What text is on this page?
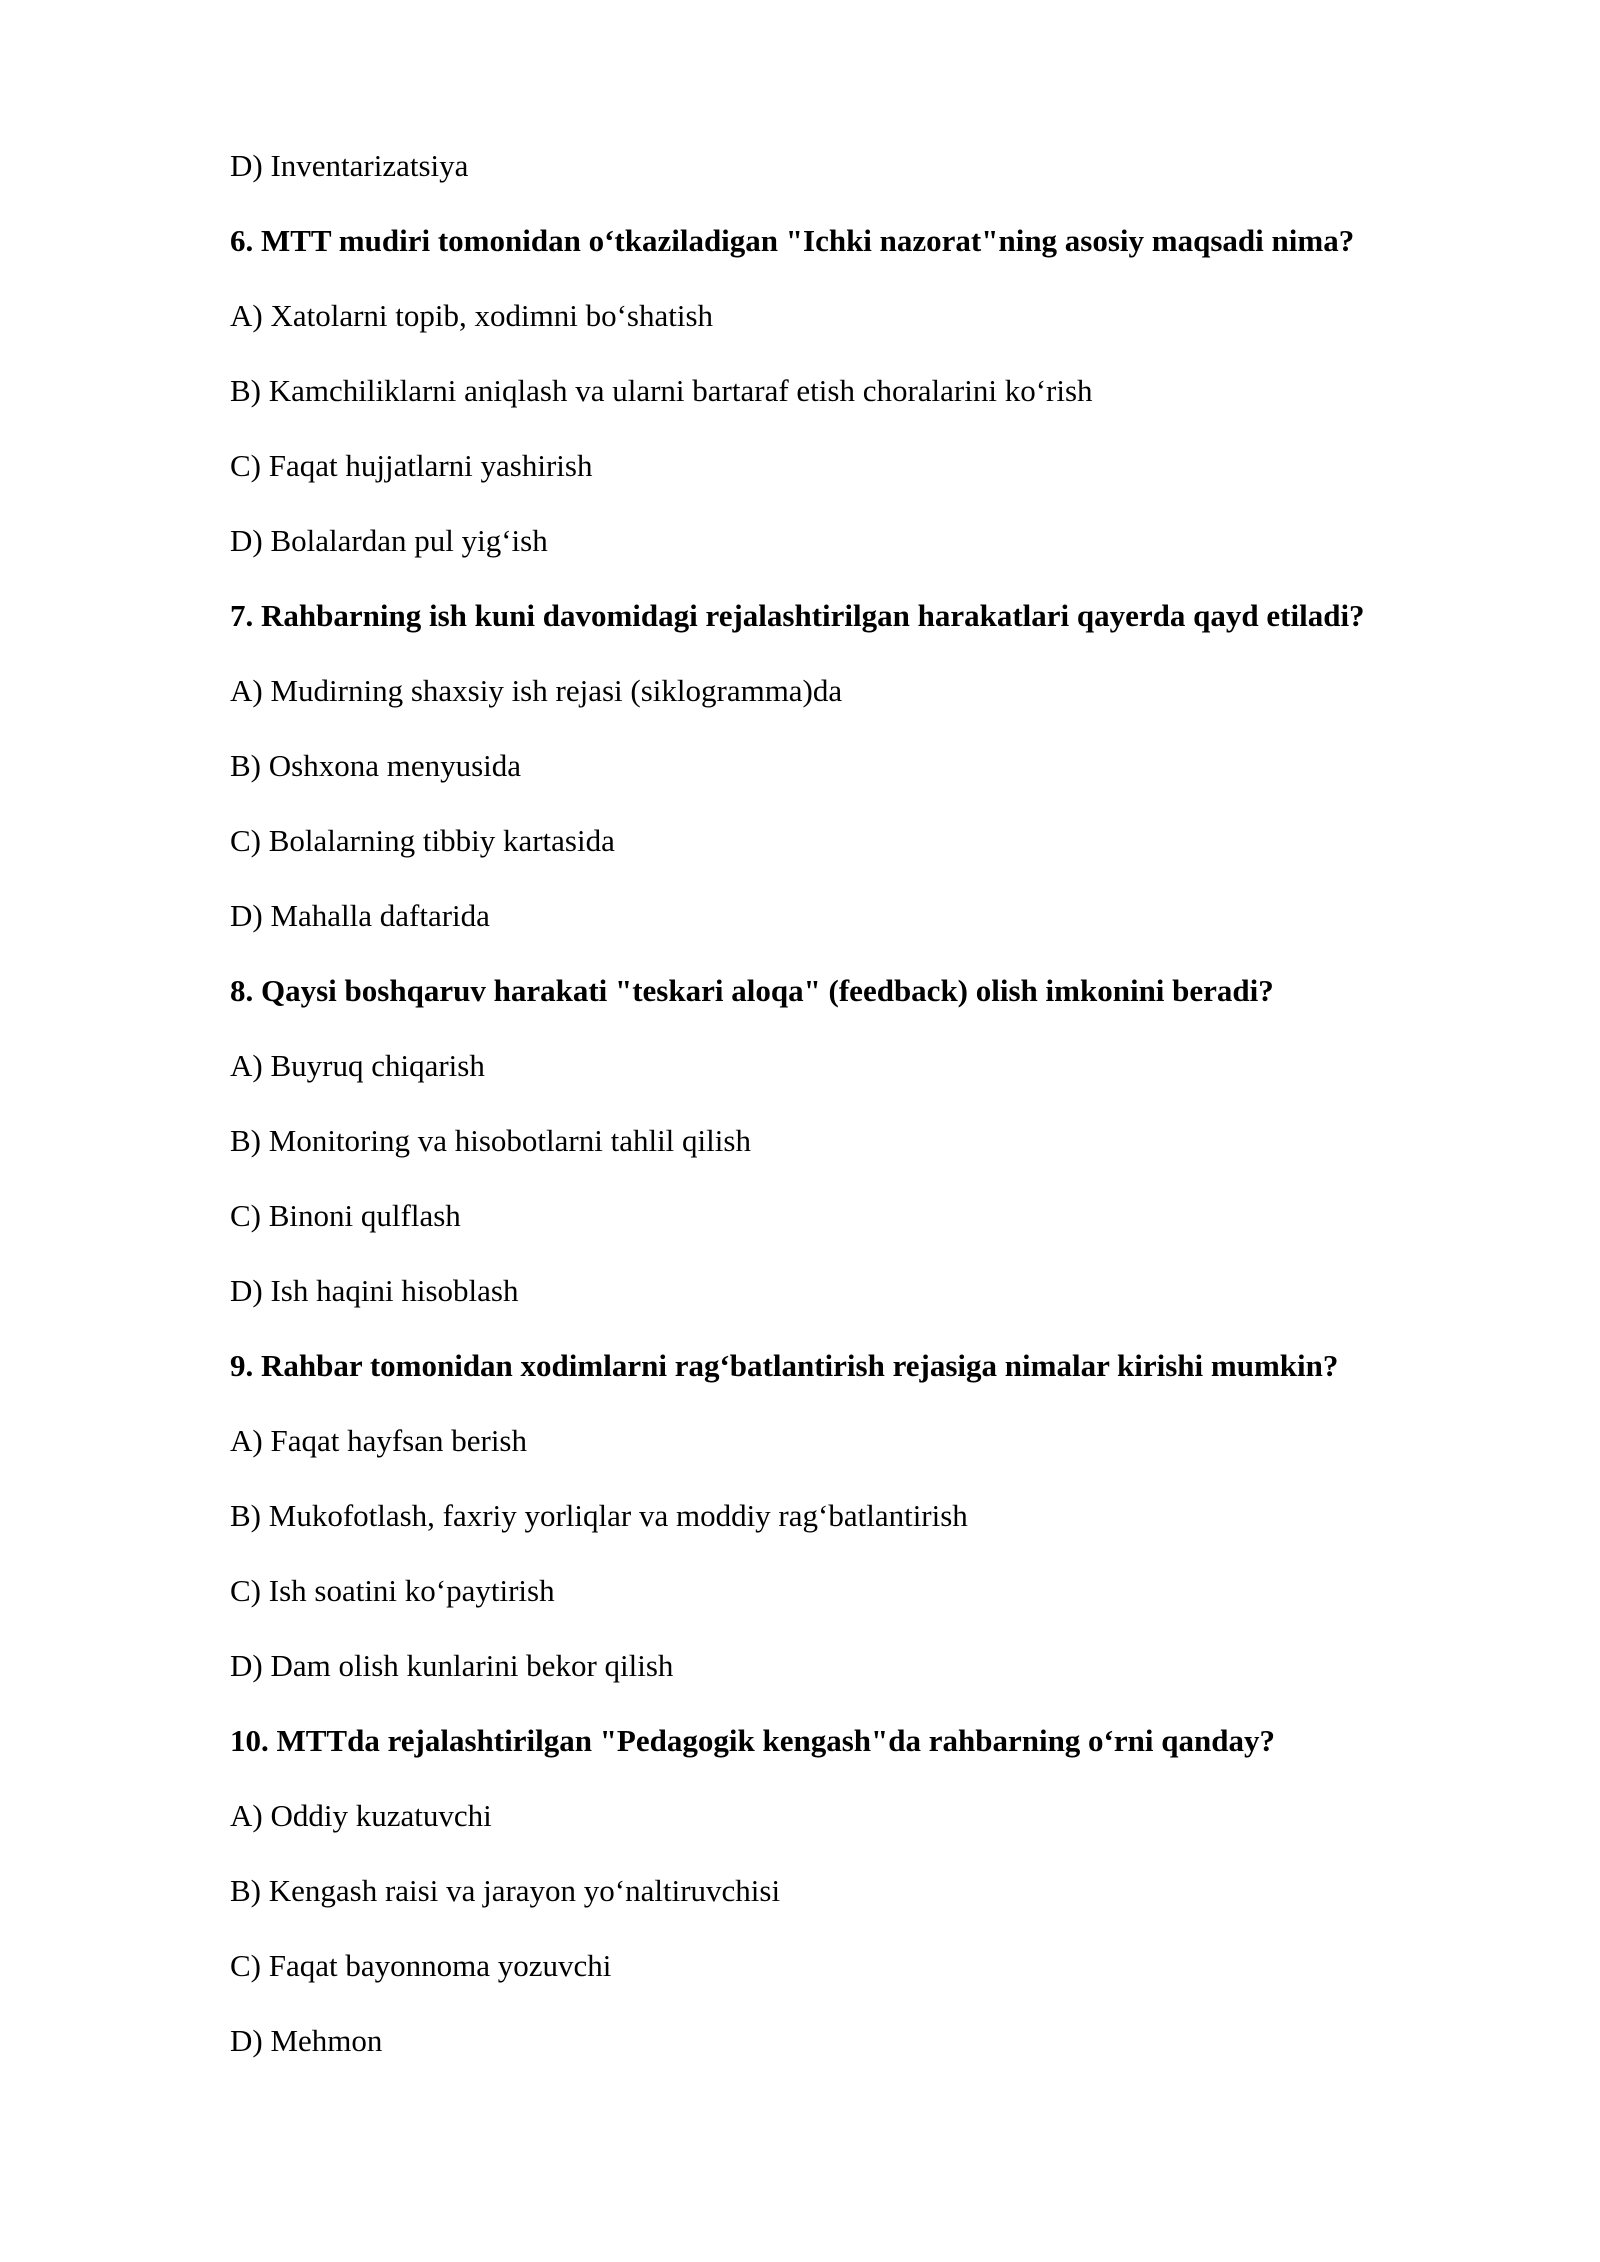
D) Inventarizatsiya
6. MTT mudiri tomonidan o‘tkaziladigan "Ichki nazorat"ning asosiy maqsadi nima?
A) Xatolarni topib, xodimni bo‘shatish
B) Kamchiliklarni aniqlash va ularni bartaraf etish choralarini ko‘rish
C) Faqat hujjatlarni yashirish
D) Bolalardan pul yig‘ish
7. Rahbarning ish kuni davomidagi rejalashtirilgan harakatlari qayerda qayd etiladi?
A) Mudirning shaxsiy ish rejasi (siklogramma)da
B) Oshxona menyusida
C) Bolalarning tibbiy kartasida
D) Mahalla daftarida
8. Qaysi boshqaruv harakati "teskari aloqa" (feedback) olish imkonini beradi?
A) Buyruq chiqarish
B) Monitoring va hisobotlarni tahlil qilish
C) Binoni qulflash
D) Ish haqini hisoblash
9. Rahbar tomonidan xodimlarni rag‘batlantirish rejasiga nimalar kirishi mumkin?
A) Faqat hayfsan berish
B) Mukofotlash, faxriy yorliqlar va moddiy rag‘batlantirish
C) Ish soatini ko‘paytirish
D) Dam olish kunlarini bekor qilish
10. MTTda rejalashtirilgan "Pedagogik kengash"da rahbarning o‘rni qanday?
A) Oddiy kuzatuvchi
B) Kengash raisi va jarayon yo‘naltiruvchisi
C) Faqat bayonnoma yozuvchi
D) Mehmon
